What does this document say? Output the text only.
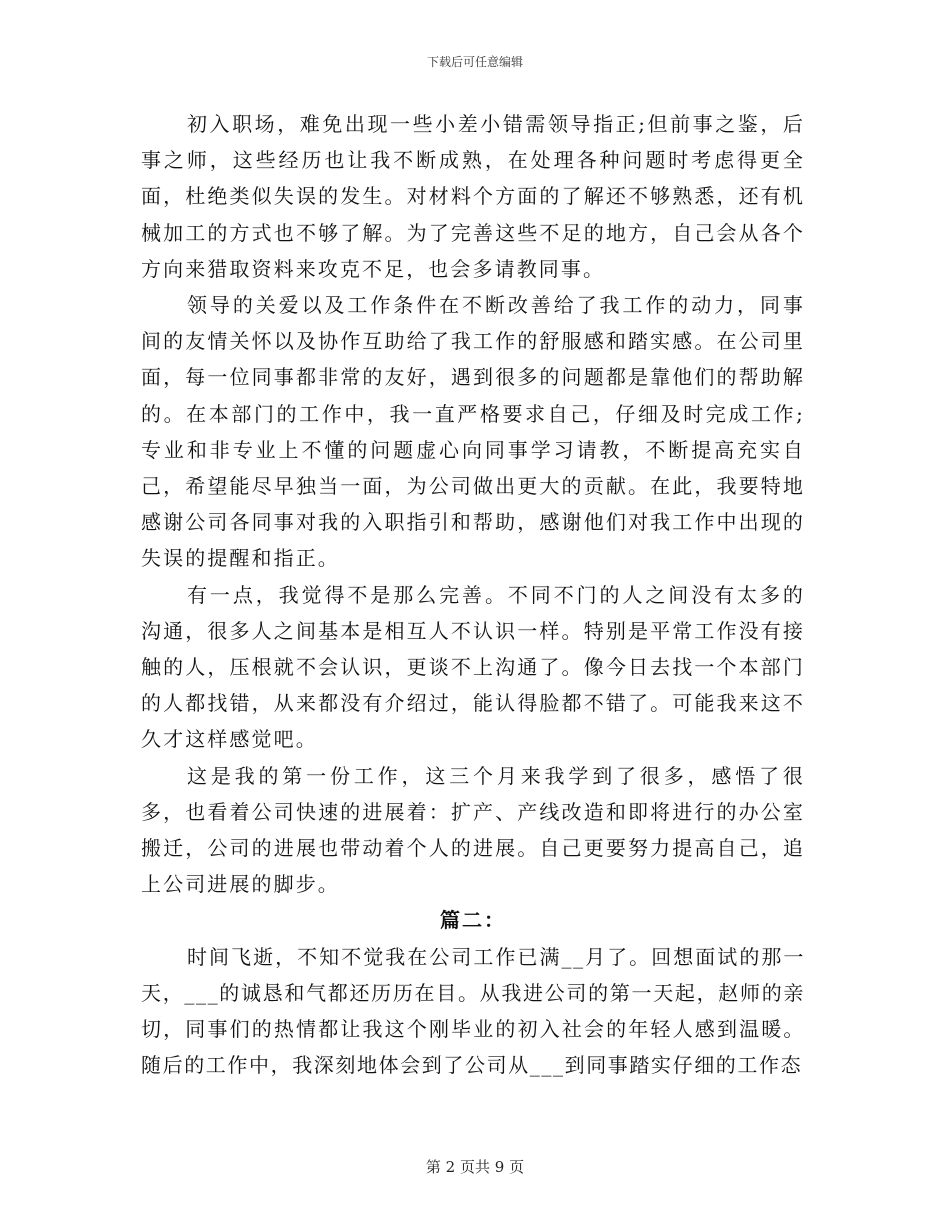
下载后可任意编辑

初入职场，难免出现一些小差小错需领导指正;但前事之鉴，后事之师，这些经历也让我不断成熟，在处理各种问题时考虑得更全面，杜绝类似失误的发生。对材料个方面的了解还不够熟悉，还有机械加工的方式也不够了解。为了完善这些不足的地方，自己会从各个方向来猎取资料来攻克不足，也会多请教同事。

领导的关爱以及工作条件在不断改善给了我工作的动力，同事间的友情关怀以及协作互助给了我工作的舒服感和踏实感。在公司里面，每一位同事都非常的友好，遇到很多的问题都是靠他们的帮助解的。在本部门的工作中，我一直严格要求自己，仔细及时完成工作;专业和非专业上不懂的问题虚心向同事学习请教，不断提高充实自己，希望能尽早独当一面，为公司做出更大的贡献。在此，我要特地感谢公司各同事对我的入职指引和帮助，感谢他们对我工作中出现的失误的提醒和指正。

有一点，我觉得不是那么完善。不同不门的人之间没有太多的沟通，很多人之间基本是相互人不认识一样。特别是平常工作没有接触的人，压根就不会认识，更谈不上沟通了。像今日去找一个本部门的人都找错，从来都没有介绍过，能认得脸都不错了。可能我来这不久才这样感觉吧。

这是我的第一份工作，这三个月来我学到了很多，感悟了很多，也看着公司快速的进展着：扩产、产线改造和即将进行的办公室搬迁，公司的进展也带动着个人的进展。自己更要努力提高自己，追上公司进展的脚步。

篇二：

时间飞逝，不知不觉我在公司工作已满__月了。回想面试的那一天，___的诚恳和气都还历历在目。从我进公司的第一天起，赵师的亲切，同事们的热情都让我这个刚毕业的初入社会的年轻人感到温暖。随后的工作中，我深刻地体会到了公司从___到同事踏实仔细的工作态

第 2 页共 9 页
